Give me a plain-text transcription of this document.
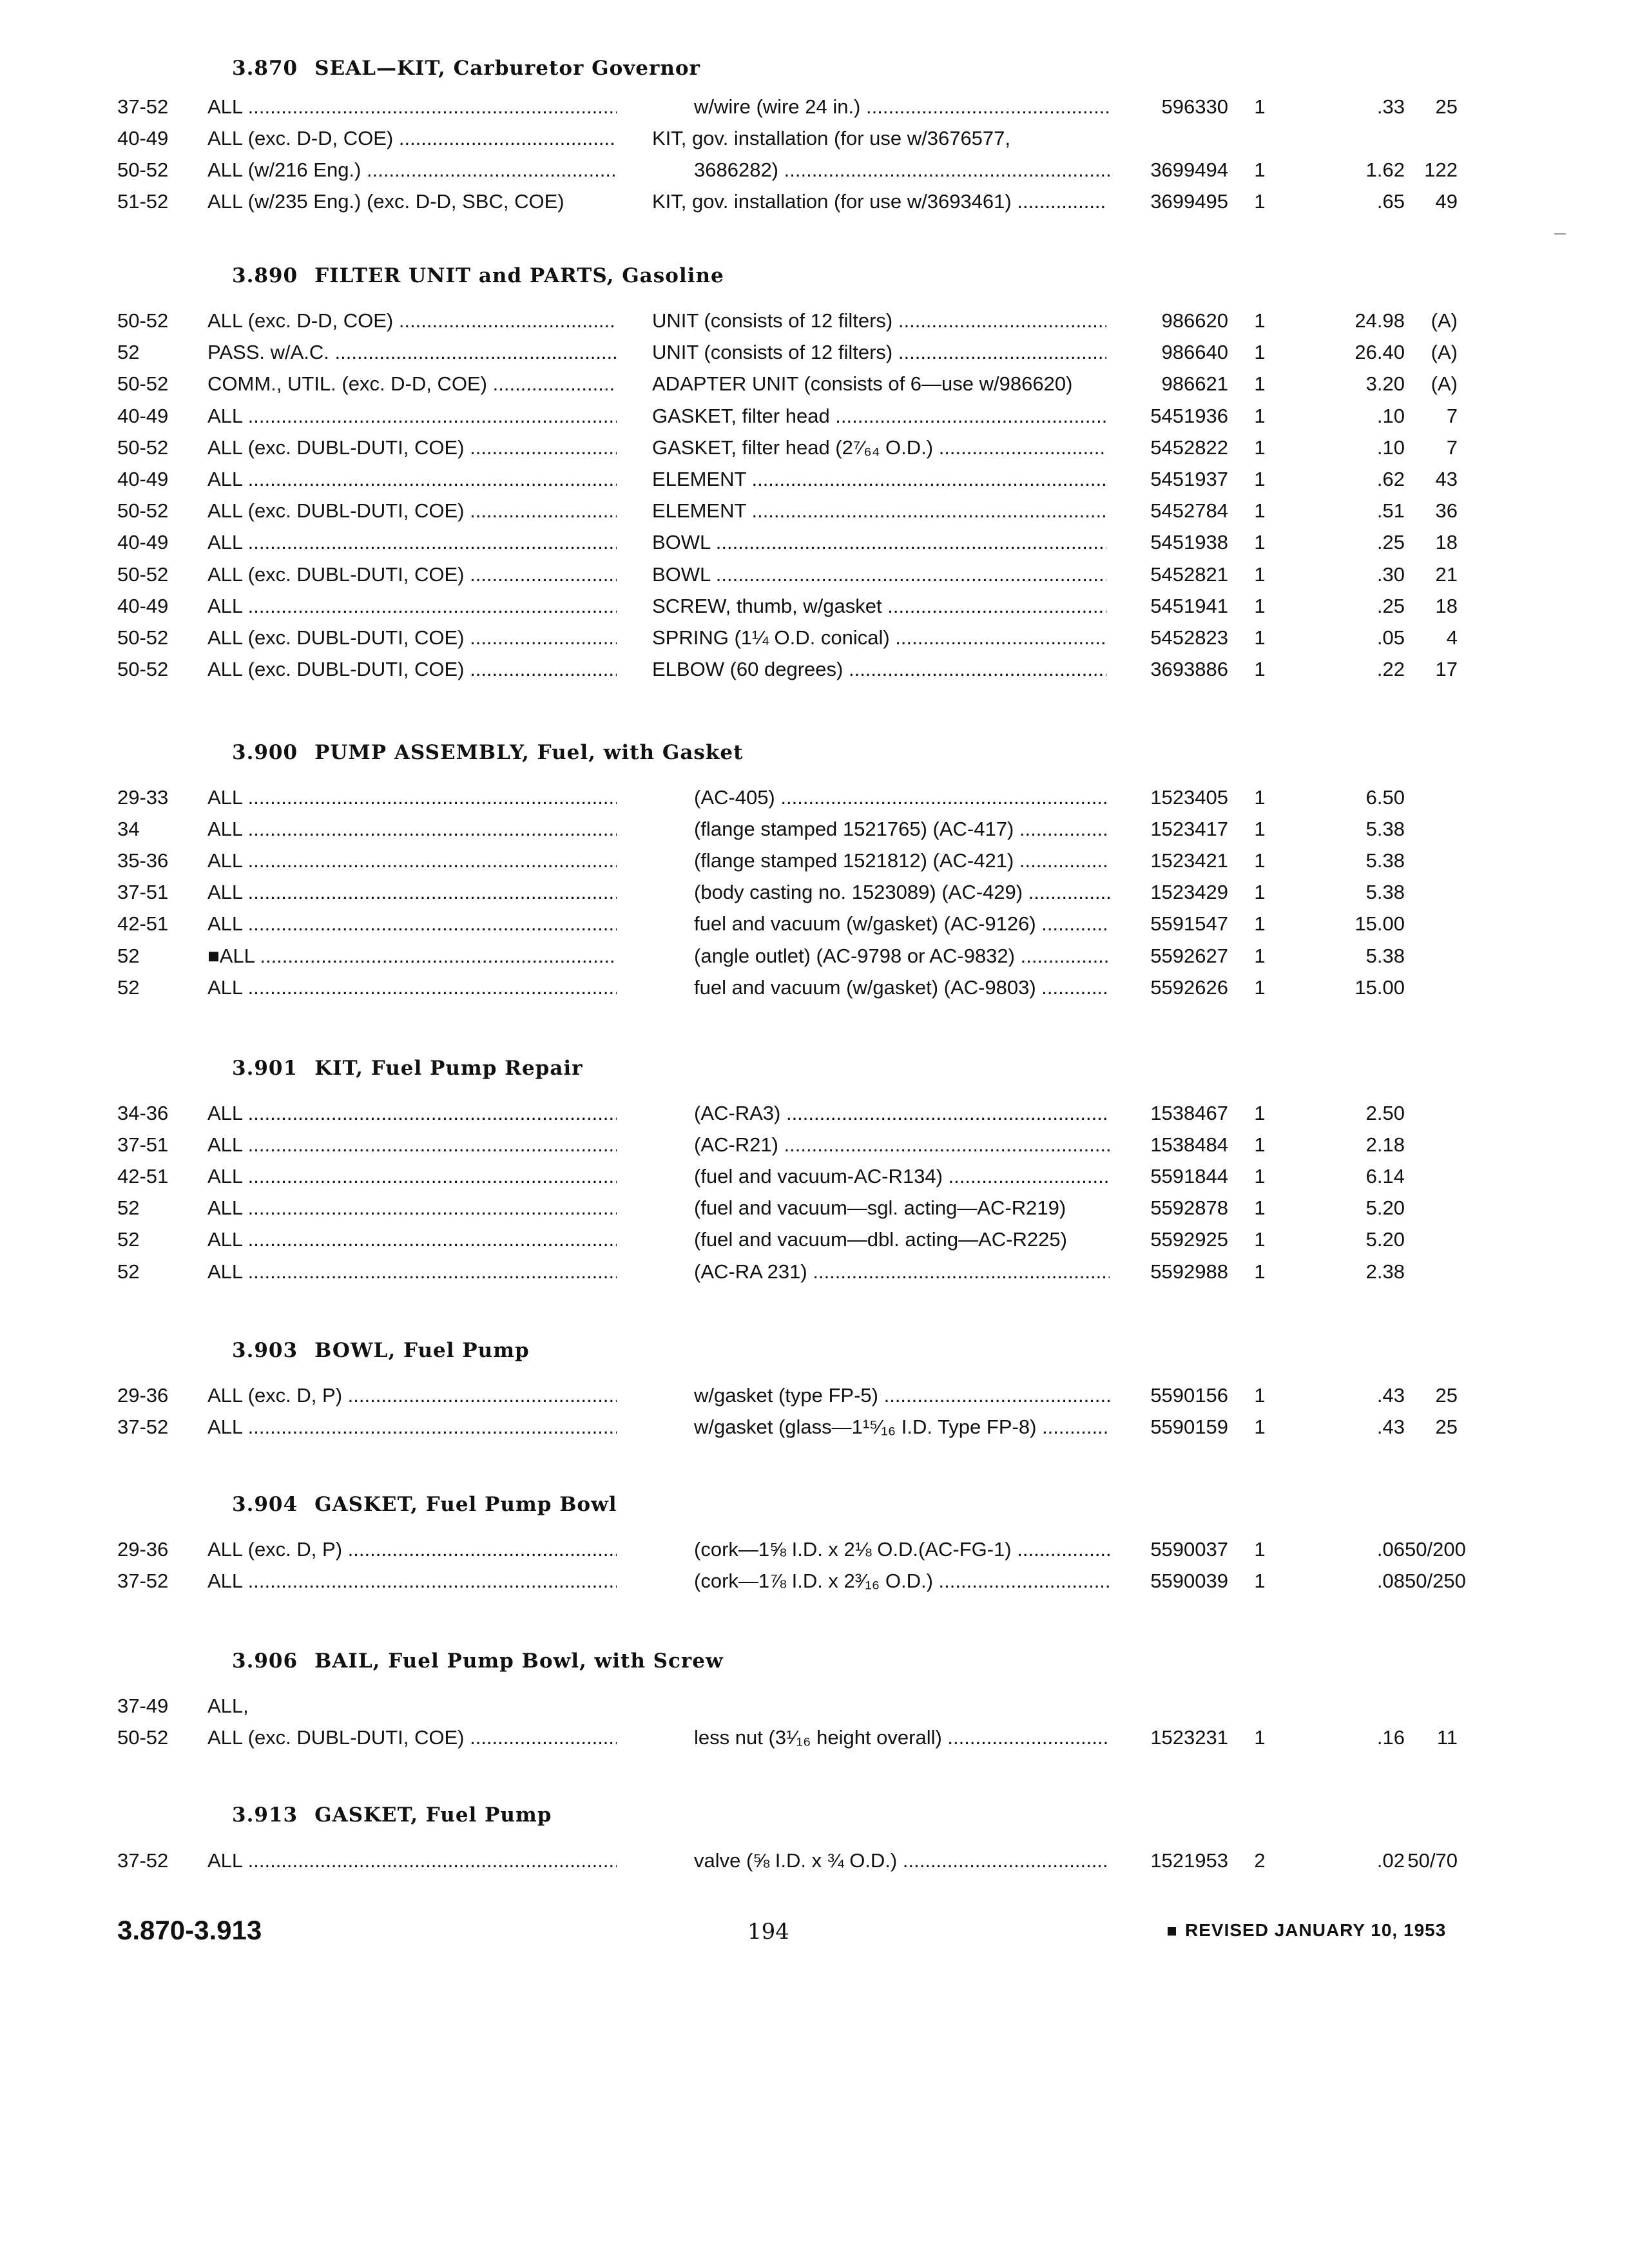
3.870 SEAL—KIT, Carburetor Governor
37-52 ALL .....	w/wire (wire 24 in.) .....	596330 1	.33	25
40-49 ALL (exc. D-D, COE) .....	KIT, gov. installation (for use w/3676577,
50-52 ALL (w/216 Eng.) .....	3686282) .....	3699494 1	1.62 122
51-52 ALL (w/235 Eng.) (exc. D-D, SBC, COE)	KIT, gov. installation (for use w/3693461) .....	3699495 1	.65	49
3.890 FILTER UNIT and PARTS, Gasoline
50-52 ALL (exc. D-D, COE) .....	UNIT (consists of 12 filters) .....	986620 1	24.98	(A)
52	PASS. w/A.C. .....	UNIT (consists of 12 filters) .....	986640 1	26.40	(A)
50-52 COMM., UTIL. (exc. D-D, COE) .....	ADAPTER UNIT (consists of 6—use w/986620)	986621 1	3.20	(A)
40-49 ALL .....	GASKET, filter head .....	5451936 1	.10	7
50-52 ALL (exc. DUBL-DUTI, COE) .....	GASKET, filter head (2⁷⁄₆₄ O.D.) .....	5452822 1	.10	7
40-49 ALL .....	ELEMENT .....	5451937 1	.62	43
50-52 ALL (exc. DUBL-DUTI, COE) .....	ELEMENT .....	5452784 1	.51	36
40-49 ALL .....	BOWL .....	5451938 1	.25	18
50-52 ALL (exc. DUBL-DUTI, COE) .....	BOWL .....	5452821 1	.30	21
40-49 ALL .....	SCREW, thumb, w/gasket .....	5451941 1	.25	18
50-52 ALL (exc. DUBL-DUTI, COE) .....	SPRING (1¼ O.D. conical) .....	5452823 1	.05	4
50-52 ALL (exc. DUBL-DUTI, COE) .....	ELBOW (60 degrees) .....	3693886 1	.22	17
3.900 PUMP ASSEMBLY, Fuel, with Gasket
29-33 ALL .....	(AC-405) .....	1523405 1	6.50
34	ALL .....	(flange stamped 1521765) (AC-417) .....	1523417 1	5.38
35-36 ALL .....	(flange stamped 1521812) (AC-421) .....	1523421 1	5.38
37-51 ALL .....	(body casting no. 1523089) (AC-429) .....	1523429 1	5.38
42-51 ALL .....	fuel and vacuum (w/gasket) (AC-9126) .....	5591547 1	15.00
52	■ALL .....	(angle outlet) (AC-9798 or AC-9832) .....	5592627 1	5.38
52	ALL .....	fuel and vacuum (w/gasket) (AC-9803) .....	5592626 1	15.00
3.901 KIT, Fuel Pump Repair
34-36 ALL .....	(AC-RA3) .....	1538467 1	2.50
37-51 ALL .....	(AC-R21) .....	1538484 1	2.18
42-51 ALL .....	(fuel and vacuum-AC-R134) .....	5591844 1	6.14
52	ALL .....	(fuel and vacuum—sgl. acting—AC-R219)	5592878 1	5.20
52	ALL .....	(fuel and vacuum—dbl. acting—AC-R225)	5592925 1	5.20
52	ALL .....	(AC-RA 231) .....	5592988 1	2.38
3.903 BOWL, Fuel Pump
29-36 ALL (exc. D, P) .....	w/gasket (type FP-5) .....	5590156 1	.43	25
37-52 ALL .....	w/gasket (glass—1¹⁵⁄₁₆ I.D. Type FP-8) .....	5590159 1	.43	25
3.904 GASKET, Fuel Pump Bowl
29-36 ALL (exc. D, P) .....	(cork—1⅝ I.D. x 2⅛ O.D.(AC-FG-1) .....	5590037 1	.06 50/200
37-52 ALL .....	(cork—1⅞ I.D. x 2³⁄₁₆ O.D.) .....	5590039 1	.08 50/250
3.906 BAIL, Fuel Pump Bowl, with Screw
37-49 ALL,
50-52 ALL (exc. DUBL-DUTI, COE) .....	less nut (3¹⁄₁₆ height overall) .....	1523231 1	.16	11
3.913 GASKET, Fuel Pump
37-52 ALL .....	valve (⅝ I.D. x ¾ O.D.) .....	1521953 2	.02 50/70
3.870-3.913	194	REVISED JANUARY 10, 1953
